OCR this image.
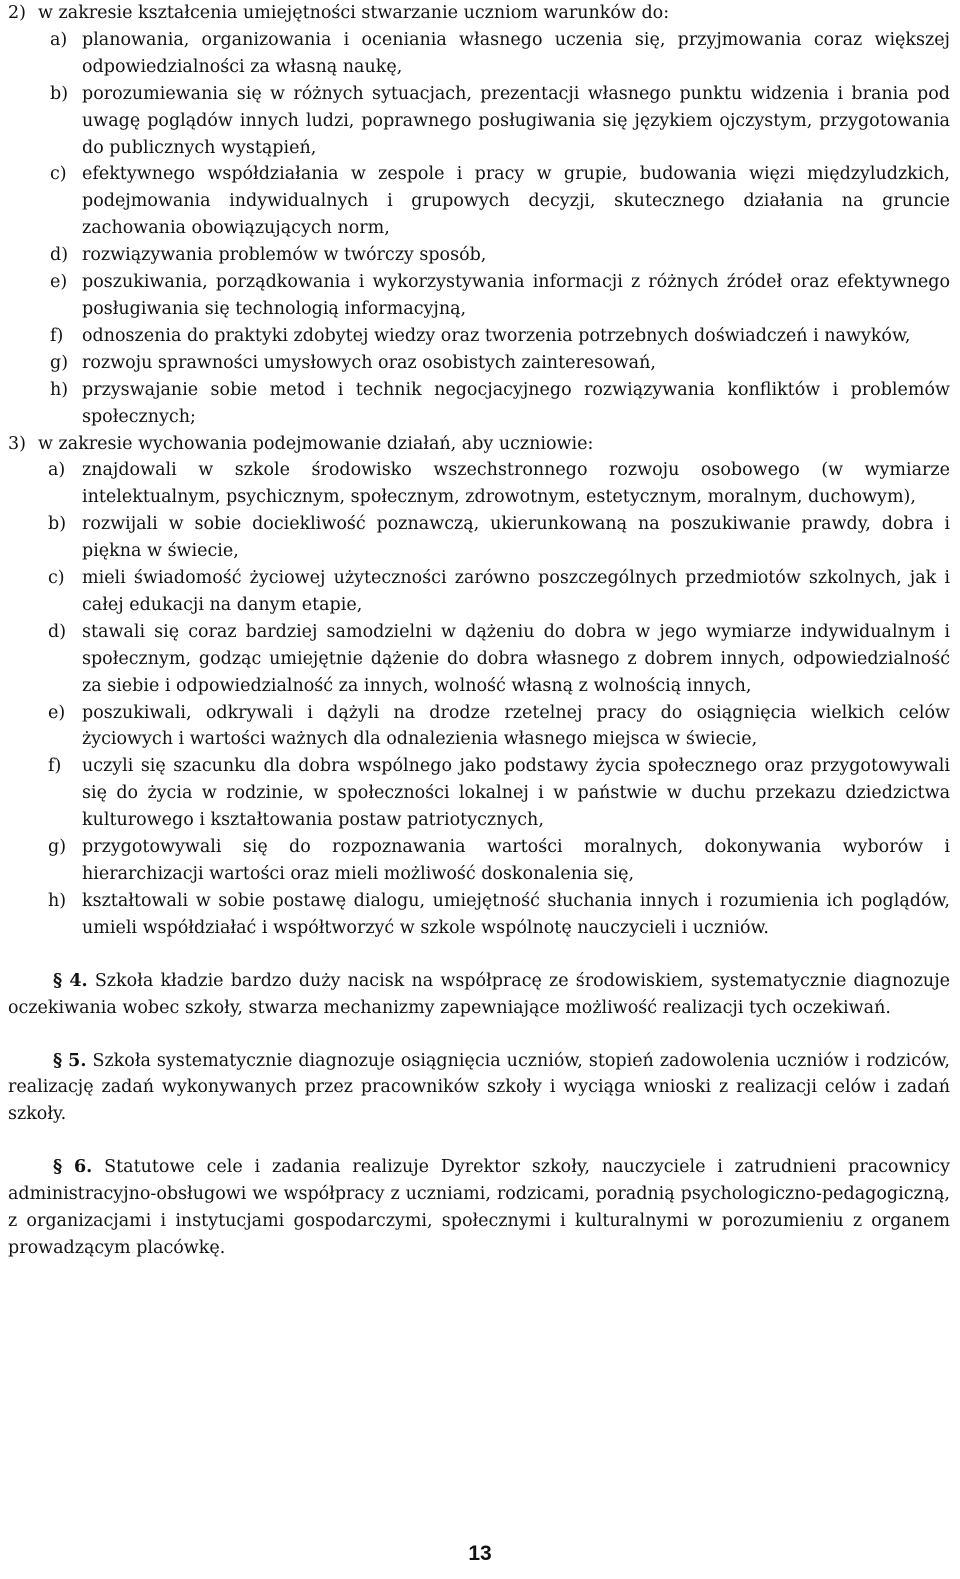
2) w zakresie kształcenia umiejętności stwarzanie uczniom warunków do:
a) planowania, organizowania i oceniania własnego uczenia się, przyjmowania coraz większej odpowiedzialności za własną naukę,
b) porozumiewania się w różnych sytuacjach, prezentacji własnego punktu widzenia i brania pod uwagę poglądów innych ludzi, poprawnego posługiwania się językiem ojczystym, przygotowania do publicznych wystąpień,
c) efektywnego współdziałania w zespole i pracy w grupie, budowania więzi międzyludzkich, podejmowania indywidualnych i grupowych decyzji, skutecznego działania na gruncie zachowania obowiązujących norm,
d) rozwiązywania problemów w twórczy sposób,
e) poszukiwania, porządkowania i wykorzystywania informacji z różnych źródeł oraz efektywnego posługiwania się technologią informacyjną,
f) odnoszenia do praktyki zdobytej wiedzy oraz tworzenia potrzebnych doświadczeń i nawyków,
g) rozwoju sprawności umysłowych oraz osobistych zainteresowań,
h) przyswajanie sobie metod i technik negocjacyjnego rozwiązywania konfliktów i problemów społecznych;
3) w zakresie wychowania podejmowanie działań, aby uczniowie:
a) znajdowali w szkole środowisko wszechstronnego rozwoju osobowego (w wymiarze intelektualnym, psychicznym, społecznym, zdrowotnym, estetycznym, moralnym, duchowym),
b) rozwijali w sobie dociekliwość poznawczą, ukierunkowaną na poszukiwanie prawdy, dobra i piękna w świecie,
c) mieli świadomość życiowej użyteczności zarówno poszczególnych przedmiotów szkolnych, jak i całej edukacji na danym etapie,
d) stawali się coraz bardziej samodzielni w dążeniu do dobra w jego wymiarze indywidualnym i społecznym, godząc umiejętnie dążenie do dobra własnego z dobrem innych, odpowiedzialność za siebie i odpowiedzialność za innych, wolność własną z wolnością innych,
e) poszukiwali, odkrywali i dążyli na drodze rzetelnej pracy do osiągnięcia wielkich celów życiowych i wartości ważnych dla odnalezienia własnego miejsca w świecie,
f) uczyli się szacunku dla dobra wspólnego jako podstawy życia społecznego oraz przygotowywali się do życia w rodzinie, w społeczności lokalnej i w państwie w duchu przekazu dziedzictwa kulturowego i kształtowania postaw patriotycznych,
g) przygotowywali się do rozpoznawania wartości moralnych, dokonywania wyborów i hierarchizacji wartości oraz mieli możliwość doskonalenia się,
h) kształtowali w sobie postawę dialogu, umiejętność słuchania innych i rozumienia ich poglądów, umieli współdziałać i współtworzyć w szkole wspólnotę nauczycieli i uczniów.
§ 4. Szkoła kładzie bardzo duży nacisk na współpracę ze środowiskiem, systematycznie diagnozuje oczekiwania wobec szkoły, stwarza mechanizmy zapewniające możliwość realizacji tych oczekiwań.
§ 5. Szkoła systematycznie diagnozuje osiągnięcia uczniów, stopień zadowolenia uczniów i rodziców, realizację zadań wykonywanych przez pracowników szkoły i wyciąga wnioski z realizacji celów i zadań szkoły.
§ 6. Statutowe cele i zadania realizuje Dyrektor szkoły, nauczyciele i zatrudnieni pracownicy administracyjno-obsługowi we współpracy z uczniami, rodzicami, poradnią psychologiczno-pedagogiczną, z organizacjami i instytucjami gospodarczymi, społecznymi i kulturalnymi w porozumieniu z organem prowadzącym placówkę.
13
